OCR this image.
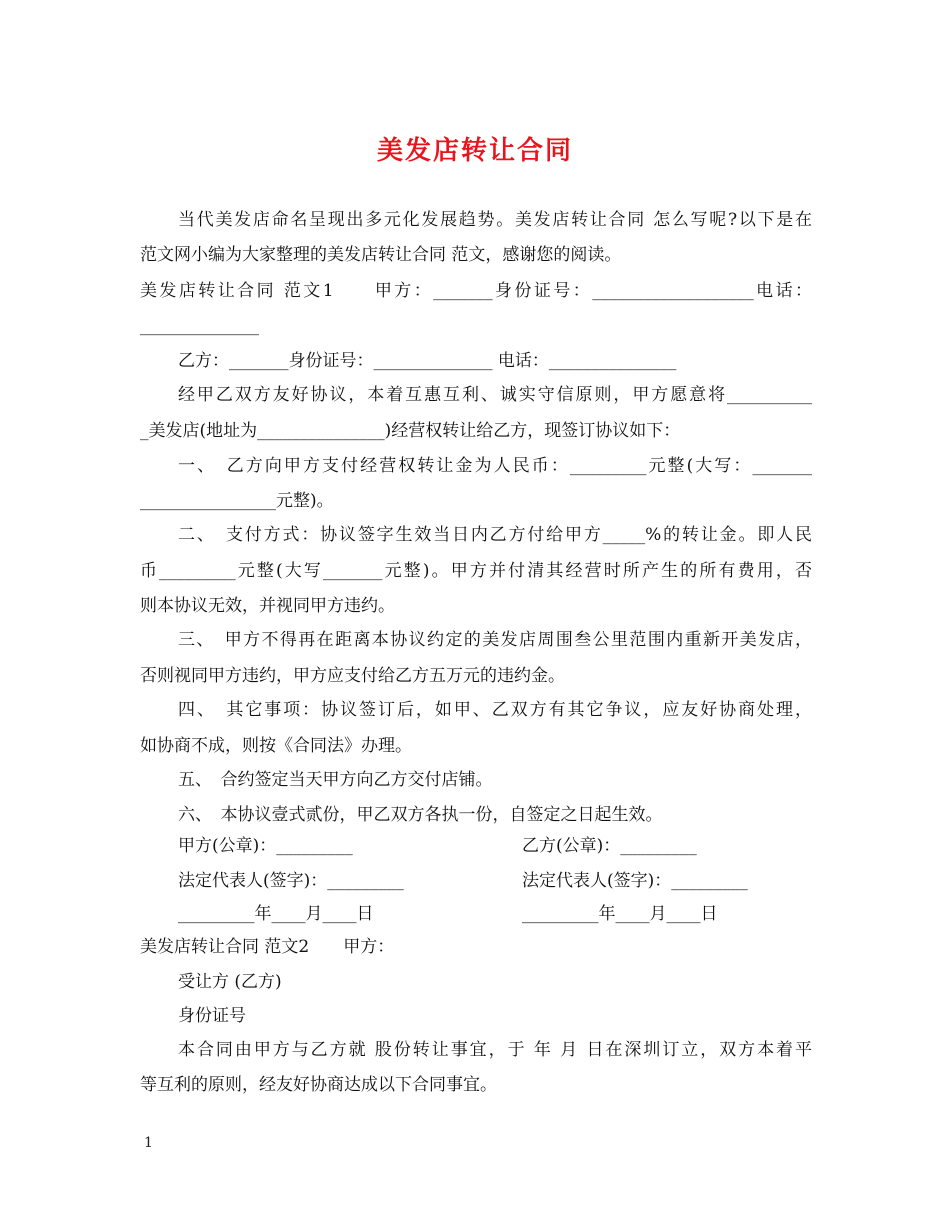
美发店转让合同
当代美发店命名呈现出多元化发展趋势。美发店转让合同 怎么写呢?以下是在
范文网小编为大家整理的美发店转让合同 范文，感谢您的阅读。
美发店转让合同 范文1　　甲方：_______身份证号：___________________电话：
______________
乙方：_______身份证号：______________ 电话：_______________
经甲乙双方友好协议，本着互惠互利、诚实守信原则，甲方愿意将__________
_美发店(地址为_______________)经营权转让给乙方，现签订协议如下：
一、　乙方向甲方支付经营权转让金为人民币：_________元整(大写：_______
________________元整)。
二、　支付方式：协议签字生效当日内乙方付给甲方_____%的转让金。即人民
币_________元整(大写_______元整)。甲方并付清其经营时所产生的所有费用，否
则本协议无效，并视同甲方违约。
三、　甲方不得再在距离本协议约定的美发店周围叁公里范围内重新开美发店，
否则视同甲方违约，甲方应支付给乙方五万元的违约金。
四、　其它事项：协议签订后，如甲、乙双方有其它争议，应友好协商处理，
如协商不成，则按《合同法》办理。
五、　合约签定当天甲方向乙方交付店铺。
六、　本协议壹式贰份，甲乙双方各执一份，自签定之日起生效。
甲方(公章)：_________	乙方(公章)：_________
法定代表人(签字)：_________	法定代表人(签字)：_________
_________年____月____日	_________年____月____日
美发店转让合同 范文2　　甲方：
受让方 (乙方)
身份证号
本合同由甲方与乙方就 股份转让事宜，于 年 月 日在深圳订立，双方本着平
等互利的原则，经友好协商达成以下合同事宜。
1
